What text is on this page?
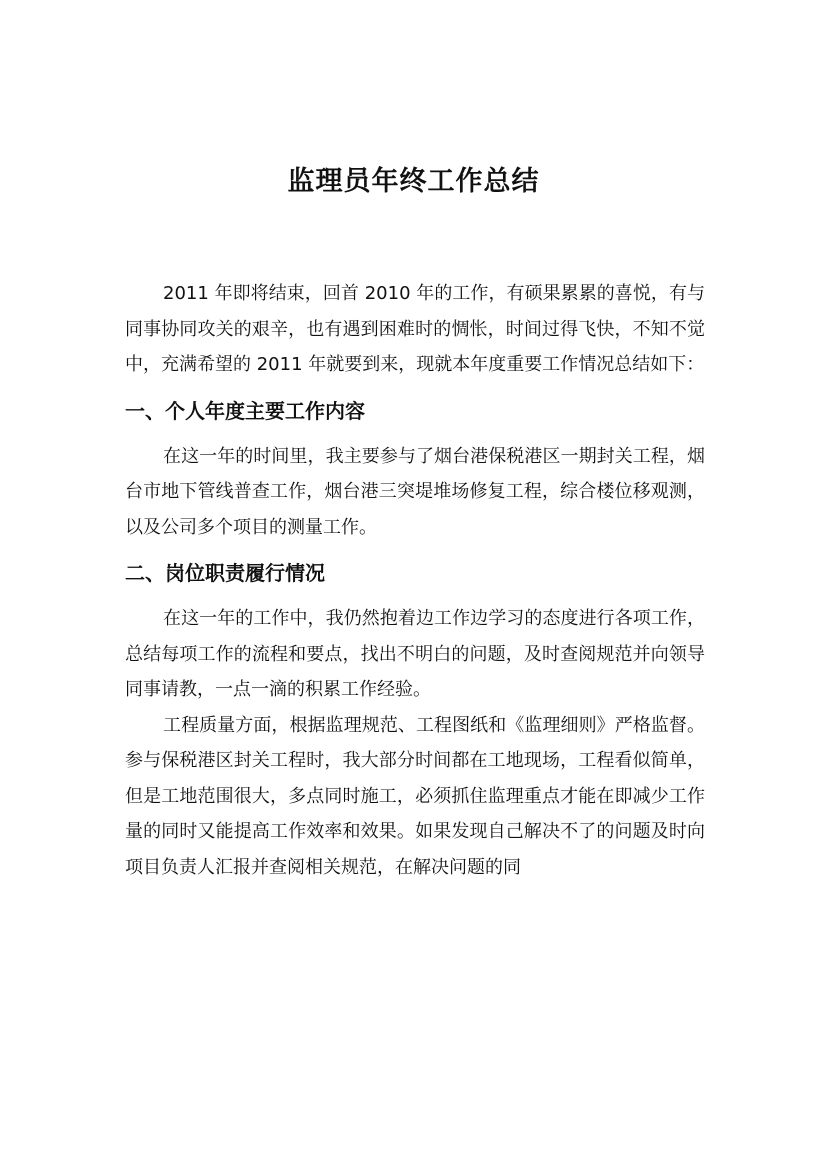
监理员年终工作总结

2011 年即将结束，回首 2010 年的工作，有硕果累累的喜悦，有与同事协同攻关的艰辛，也有遇到困难时的惆怅，时间过得飞快，不知不觉中，充满希望的 2011 年就要到来，现就本年度重要工作情况总结如下：

一、个人年度主要工作内容

在这一年的时间里，我主要参与了烟台港保税港区一期封关工程，烟台市地下管线普查工作，烟台港三突堤堆场修复工程，综合楼位移观测，以及公司多个项目的测量工作。

二、岗位职责履行情况

在这一年的工作中，我仍然抱着边工作边学习的态度进行各项工作，总结每项工作的流程和要点，找出不明白的问题，及时查阅规范并向领导同事请教，一点一滴的积累工作经验。

工程质量方面，根据监理规范、工程图纸和《监理细则》严格监督。参与保税港区封关工程时，我大部分时间都在工地现场，工程看似简单，但是工地范围很大，多点同时施工，必须抓住监理重点才能在即减少工作量的同时又能提高工作效率和效果。如果发现自己解决不了的问题及时向项目负责人汇报并查阅相关规范，在解决问题的同
